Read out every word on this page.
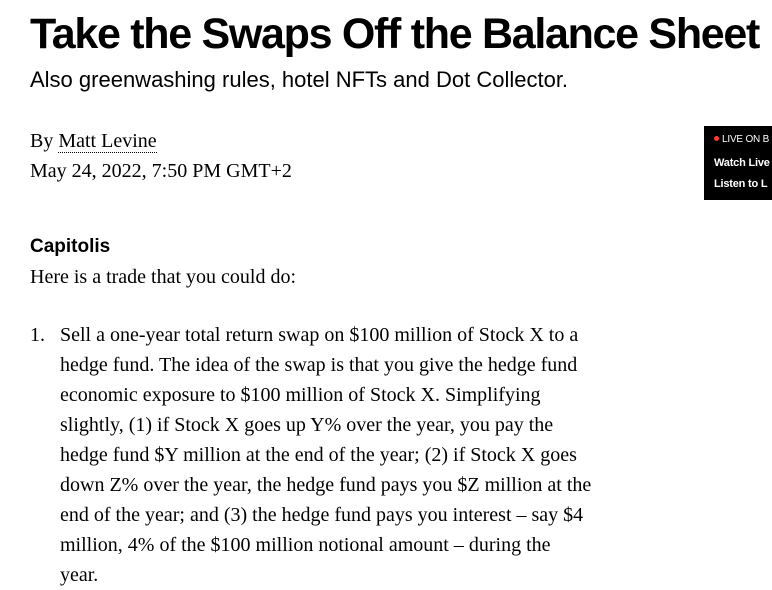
Take the Swaps Off the Balance Sheet
Also greenwashing rules, hotel NFTs and Dot Collector.
By Matt Levine
May 24, 2022, 7:50 PM GMT+2
LIVE ON B
Watch Live
Listen to L
Capitolis

Here is a trade that you could do:

1. Sell a one-year total return swap on $100 million of Stock X to a
hedge fund. The idea of the swap is that you give the hedge fund
economic exposure to $100 million of Stock X. Simplifying
slightly, (1) if Stock X goes up Y% over the year, you pay the
hedge fund $Y million at the end of the year; (2) if Stock X goes
down Z% over the year, the hedge fund pays you $Z million at the
end of the year; and (3) the hedge fund pays you interest – say $4
million, 4% of the $100 million notional amount – during the
year.
